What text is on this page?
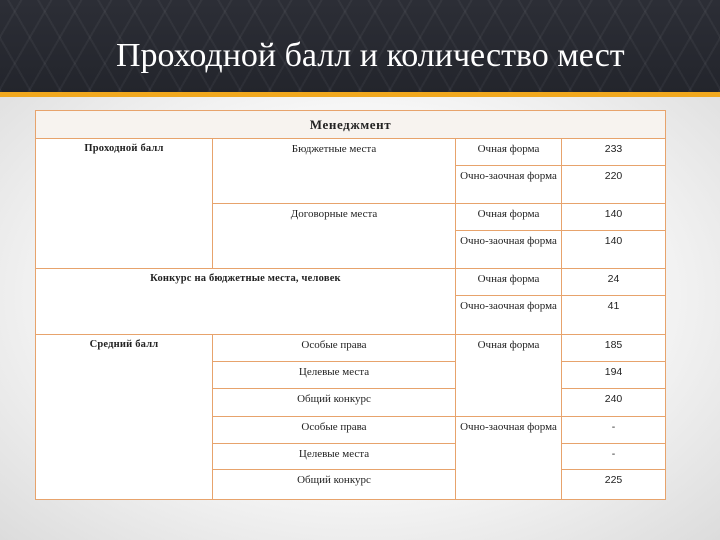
Проходной балл и количество мест
Менеджмент			
Проходной балл	Бюджетные места	Очная форма	233
		Очно-заочная форма	220
	Договорные места	Очная форма	140
		Очно-заочная форма	140
Конкурс на бюджетные места, человек		Очная форма	24
		Очно-заочная форма	41
Средний балл	Особые права	Очная форма	185
	Целевые места		194
	Общий конкурс		240
	Особые права	Очно-заочная форма	-
	Целевые места		-
	Общий конкурс		225
